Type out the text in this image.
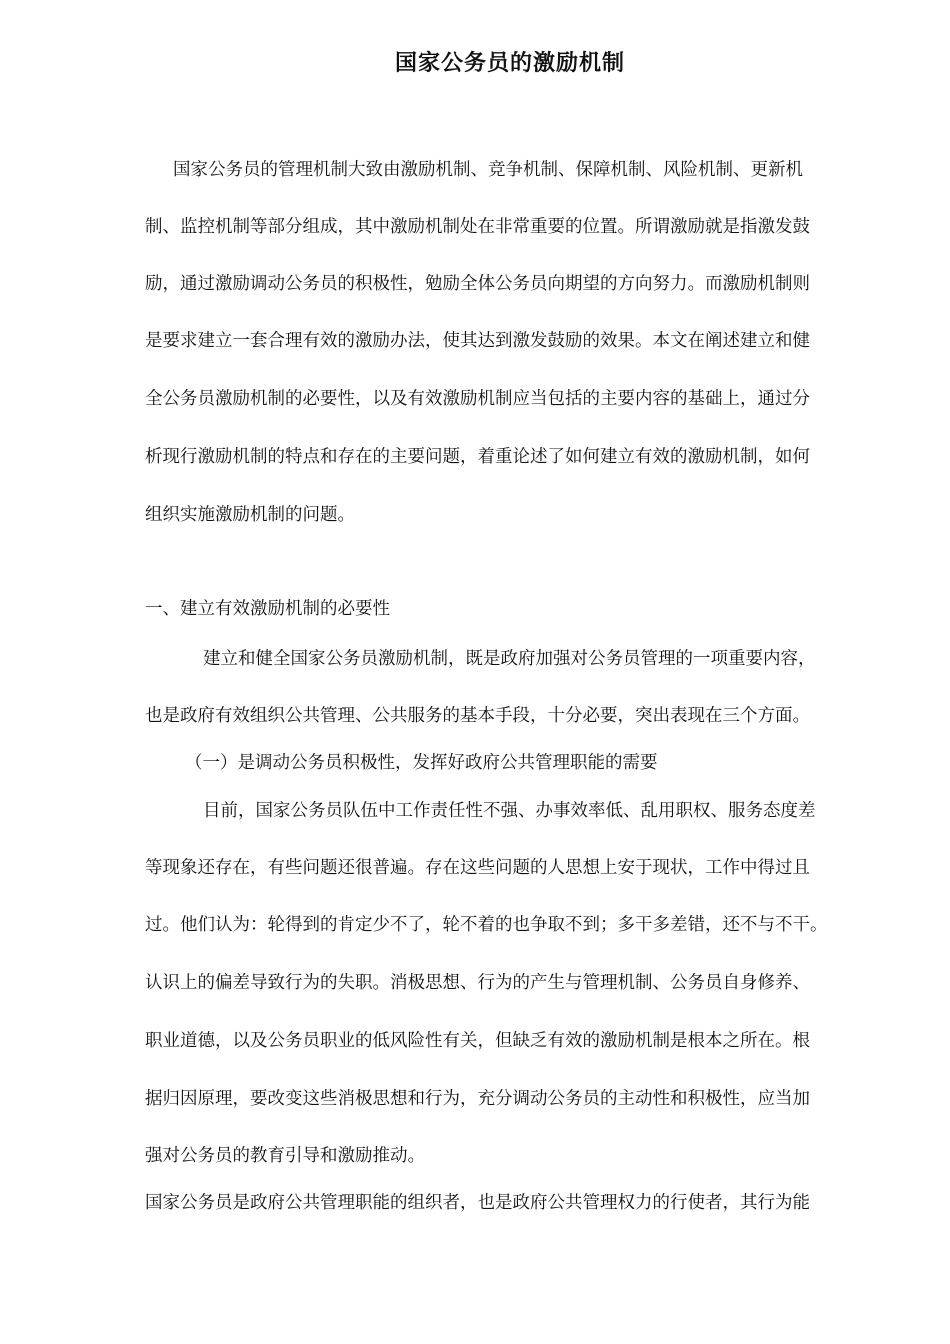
国家公务员的激励机制

国家公务员的管理机制大致由激励机制、竞争机制、保障机制、风险机制、更新机

制、监控机制等部分组成，其中激励机制处在非常重要的位置。所谓激励就是指激发鼓

励，通过激励调动公务员的积极性，勉励全体公务员向期望的方向努力。而激励机制则

是要求建立一套合理有效的激励办法，使其达到激发鼓励的效果。本文在阐述建立和健

全公务员激励机制的必要性，以及有效激励机制应当包括的主要内容的基础上，通过分

析现行激励机制的特点和存在的主要问题，着重论述了如何建立有效的激励机制，如何

组织实施激励机制的问题。

一、建立有效激励机制的必要性

建立和健全国家公务员激励机制，既是政府加强对公务员管理的一项重要内容，

也是政府有效组织公共管理、公共服务的基本手段，十分必要，突出表现在三个方面。

（一）是调动公务员积极性，发挥好政府公共管理职能的需要

目前，国家公务员队伍中工作责任性不强、办事效率低、乱用职权、服务态度差

等现象还存在，有些问题还很普遍。存在这些问题的人思想上安于现状，工作中得过且

过。他们认为：轮得到的肯定少不了，轮不着的也争取不到；多干多差错，还不与不干。

认识上的偏差导致行为的失职。消极思想、行为的产生与管理机制、公务员自身修养、

职业道德，以及公务员职业的低风险性有关，但缺乏有效的激励机制是根本之所在。根

据归因原理，要改变这些消极思想和行为，充分调动公务员的主动性和积极性，应当加

强对公务员的教育引导和激励推动。

国家公务员是政府公共管理职能的组织者，也是政府公共管理权力的行使者，其行为能
